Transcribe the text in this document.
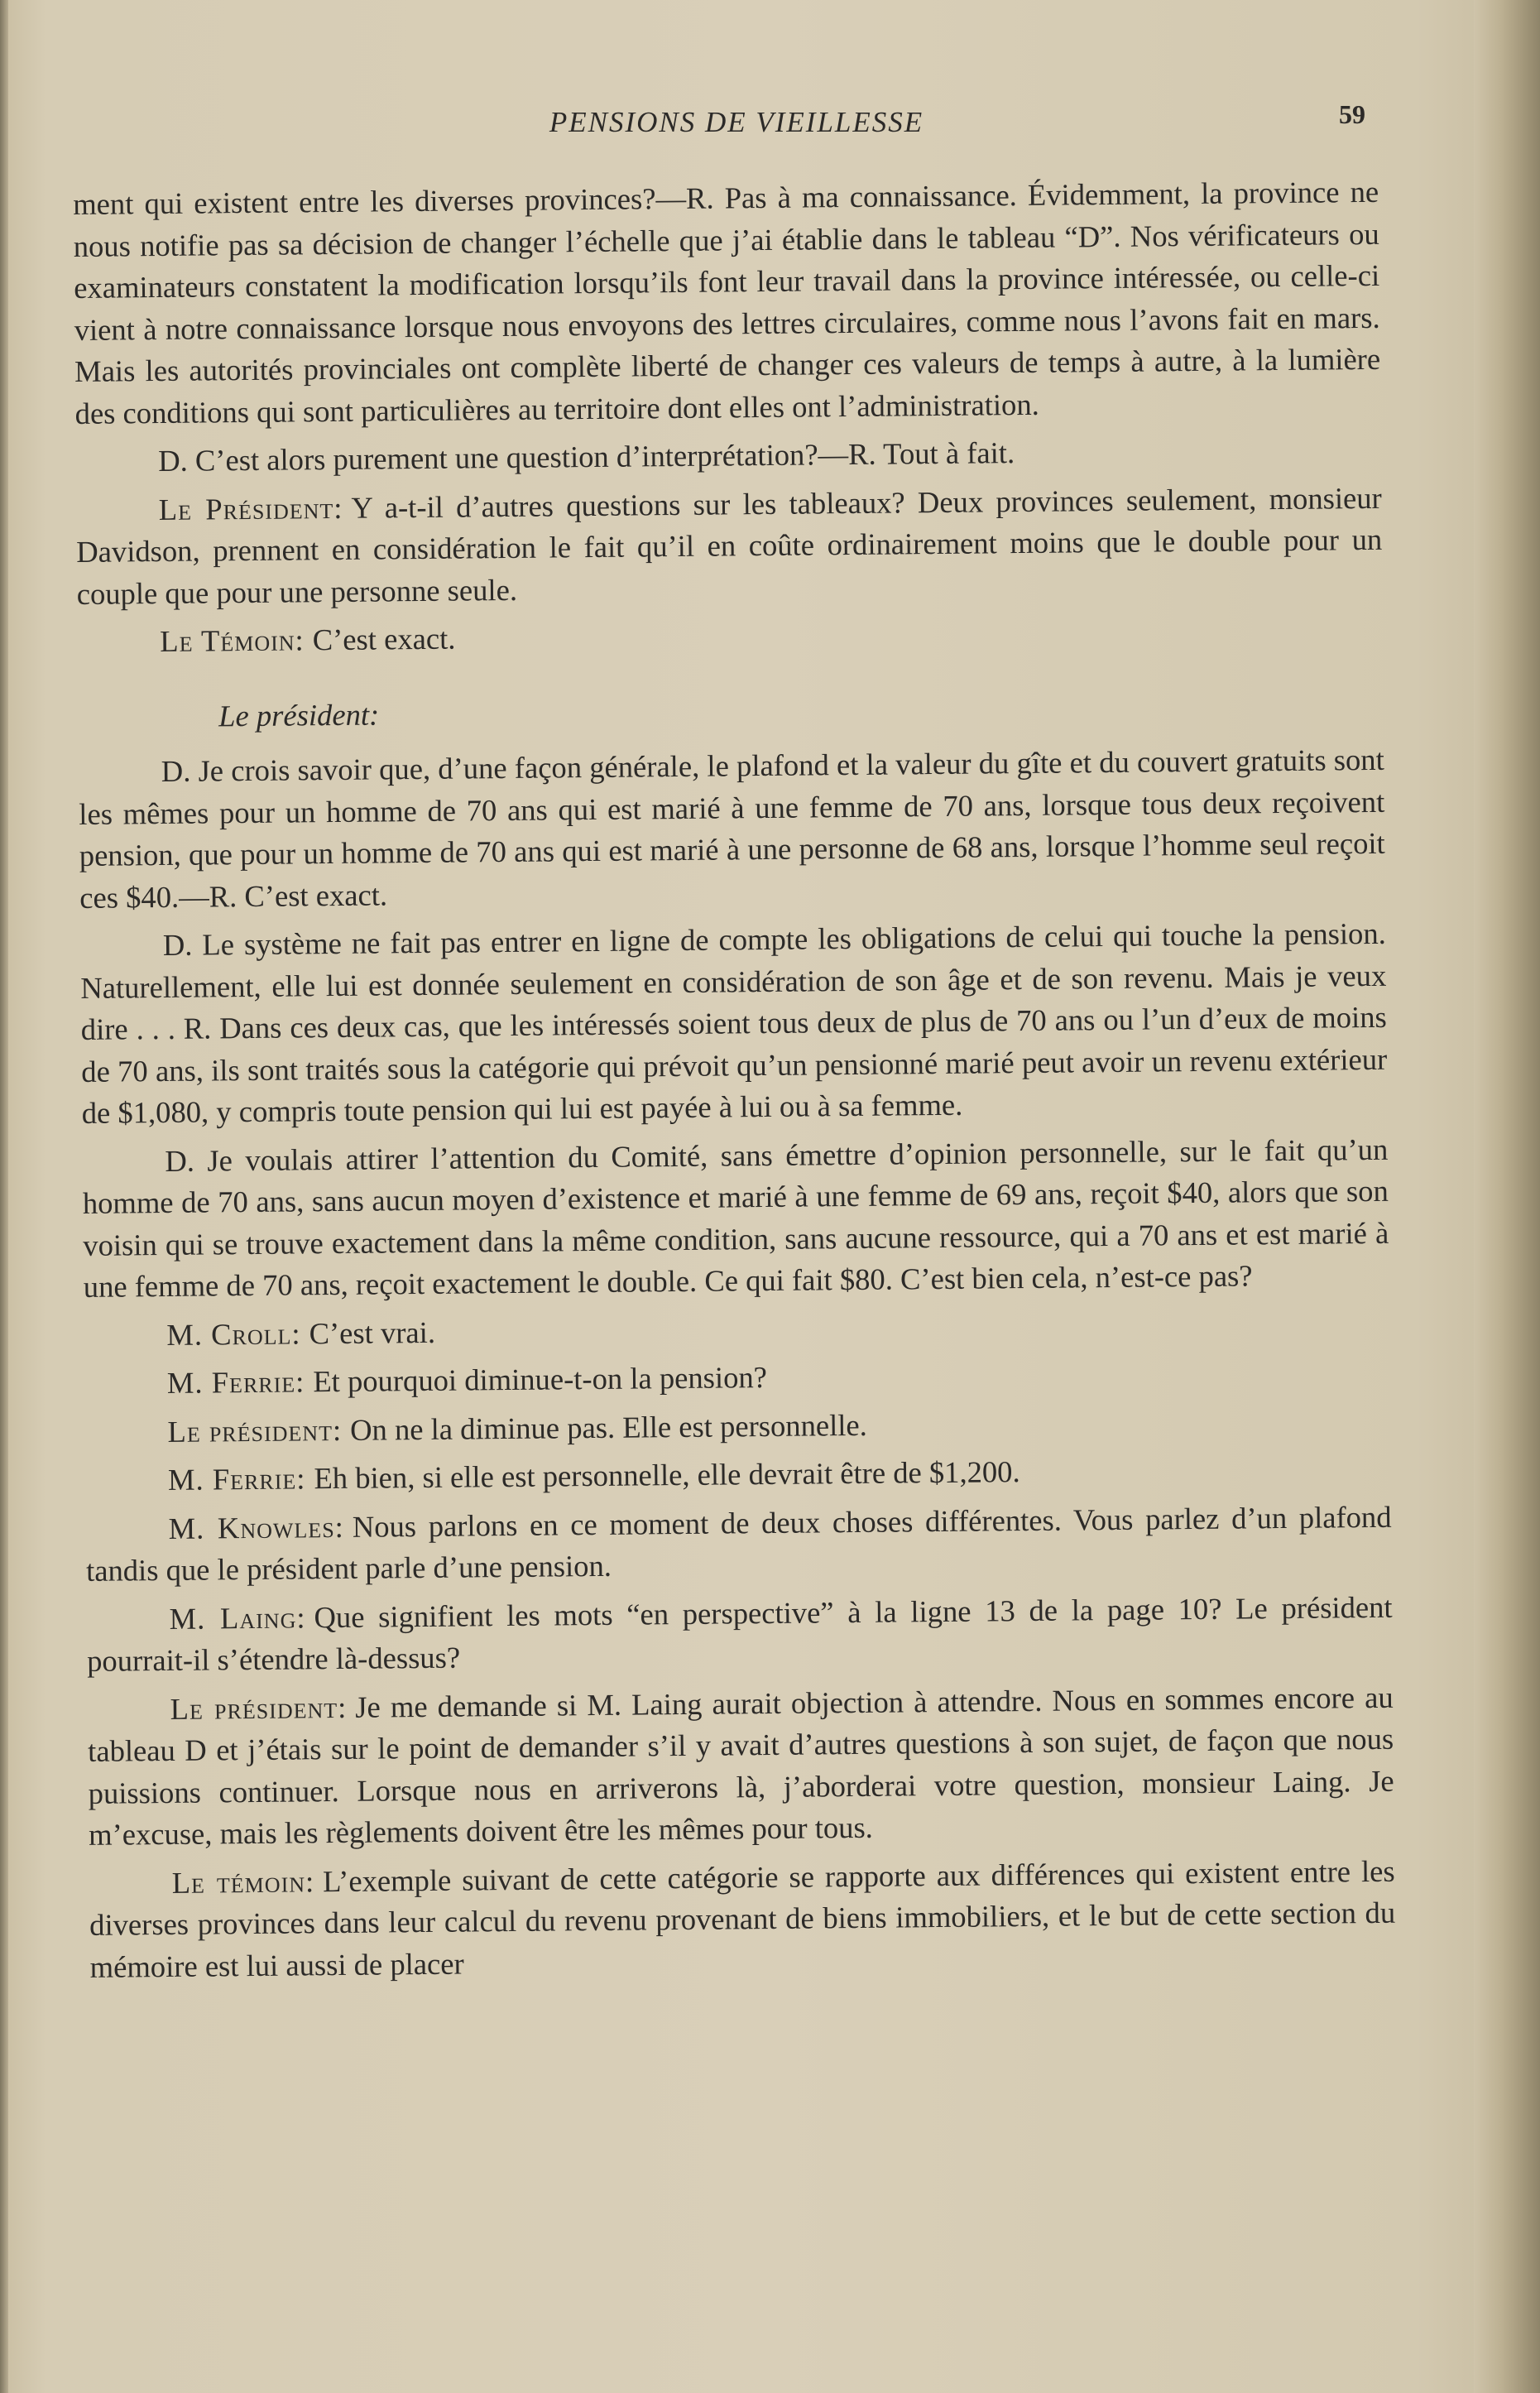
PENSIONS DE VIEILLESSE	59

ment qui existent entre les diverses provinces?—R. Pas à ma connaissance. Évidemment, la province ne nous notifie pas sa décision de changer l’échelle que j’ai établie dans le tableau “D”. Nos vérificateurs ou examinateurs constatent la modification lorsqu’ils font leur travail dans la province intéressée, ou celle-ci vient à notre connaissance lorsque nous envoyons des lettres circulaires, comme nous l’avons fait en mars. Mais les autorités provinciales ont complète liberté de changer ces valeurs de temps à autre, à la lumière des conditions qui sont particulières au territoire dont elles ont l’administration.

D. C’est alors purement une question d’interprétation?—R. Tout à fait.

Le Président: Y a-t-il d’autres questions sur les tableaux? Deux provinces seulement, monsieur Davidson, prennent en considération le fait qu’il en coûte ordinairement moins que le double pour un couple que pour une personne seule.

Le Témoin: C’est exact.

Le président:

D. Je crois savoir que, d’une façon générale, le plafond et la valeur du gîte et du couvert gratuits sont les mêmes pour un homme de 70 ans qui est marié à une femme de 70 ans, lorsque tous deux reçoivent pension, que pour un homme de 70 ans qui est marié à une personne de 68 ans, lorsque l’homme seul reçoit ces $40.—R. C’est exact.

D. Le système ne fait pas entrer en ligne de compte les obligations de celui qui touche la pension. Naturellement, elle lui est donnée seulement en considération de son âge et de son revenu. Mais je veux dire . . . R. Dans ces deux cas, que les intéressés soient tous deux de plus de 70 ans ou l’un d’eux de moins de 70 ans, ils sont traités sous la catégorie qui prévoit qu’un pensionné marié peut avoir un revenu extérieur de $1,080, y compris toute pension qui lui est payée à lui ou à sa femme.

D. Je voulais attirer l’attention du Comité, sans émettre d’opinion personnelle, sur le fait qu’un homme de 70 ans, sans aucun moyen d’existence et marié à une femme de 69 ans, reçoit $40, alors que son voisin qui se trouve exactement dans la même condition, sans aucune ressource, qui a 70 ans et est marié à une femme de 70 ans, reçoit exactement le double. Ce qui fait $80. C’est bien cela, n’est-ce pas?

M. Croll: C’est vrai.

M. Ferrie: Et pourquoi diminue-t-on la pension?

Le président: On ne la diminue pas. Elle est personnelle.

M. Ferrie: Eh bien, si elle est personnelle, elle devrait être de $1,200.

M. Knowles: Nous parlons en ce moment de deux choses différentes. Vous parlez d’un plafond tandis que le président parle d’une pension.

M. Laing: Que signifient les mots “en perspective” à la ligne 13 de la page 10? Le président pourrait-il s’étendre là-dessus?

Le président: Je me demande si M. Laing aurait objection à attendre. Nous en sommes encore au tableau D et j’étais sur le point de demander s’il y avait d’autres questions à son sujet, de façon que nous puissions continuer. Lorsque nous en arriverons là, j’aborderai votre question, monsieur Laing. Je m’excuse, mais les règlements doivent être les mêmes pour tous.

Le témoin: L’exemple suivant de cette catégorie se rapporte aux différences qui existent entre les diverses provinces dans leur calcul du revenu provenant de biens immobiliers, et le but de cette section du mémoire est lui aussi de placer
